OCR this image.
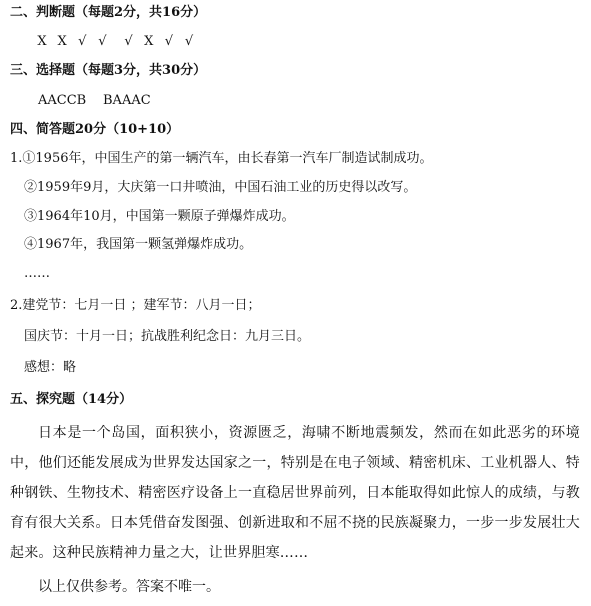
二、判断题（每题2分，共16分）
X X √ √ √ X √ √
三、选择题（每题3分，共30分）
AACCB BAAAC
四、简答题20分（10+10）
1.①1956年，中国生产的第一辆汽车，由长春第一汽车厂制造试制成功。
②1959年9月，大庆第一口井喷油，中国石油工业的历史得以改写。
③1964年10月，中国第一颗原子弹爆炸成功。
④1967年，我国第一颗氢弹爆炸成功。
……
2.建党节：七月一日 ；建军节：八月一日；
国庆节：十月一日；抗战胜利纪念日：九月三日。
感想：略
五、探究题（14分）
日本是一个岛国，面积狭小，资源匮乏，海啸不断地震频发，然而在如此恶劣的环境中，他们还能发展成为世界发达国家之一，特别是在电子领域、精密机床、工业机器人、特种钢铁、生物技术、精密医疗设备上一直稳居世界前列，日本能取得如此惊人的成绩，与教育有很大关系。日本凭借奋发图强、创新进取和不屈不挠的民族凝聚力，一步一步发展壮大起来。这种民族精神力量之大，让世界胆寒……
以上仅供参考。答案不唯一。
